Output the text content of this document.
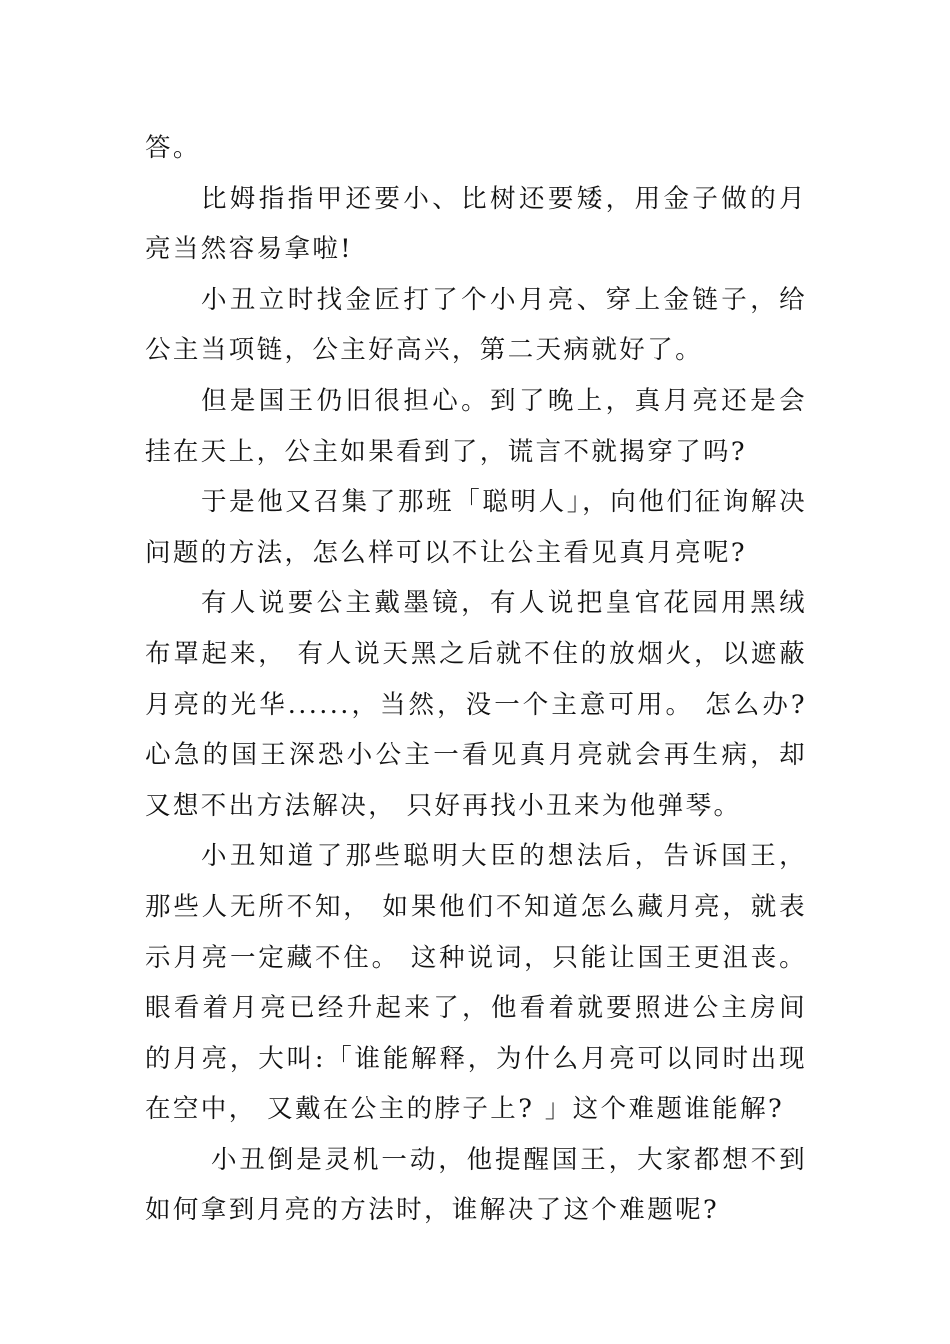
答。

比姆指指甲还要小、比树还要矮，用金子做的月亮当然容易拿啦!

小丑立时找金匠打了个小月亮、穿上金链子，给公主当项链，公主好高兴，第二天病就好了。

但是国王仍旧很担心。到了晚上，真月亮还是会挂在天上，公主如果看到了，谎言不就揭穿了吗?

于是他又召集了那班「聪明人」，向他们征询解决问题的方法，怎么样可以不让公主看见真月亮呢?

有人说要公主戴墨镜，有人说把皇官花园用黑绒布罩起来， 有人说天黑之后就不住的放烟火，以遮蔽月亮的光华......，当然，没一个主意可用。 怎么办?心急的国王深恐小公主一看见真月亮就会再生病，却又想不出方法解决， 只好再找小丑来为他弹琴。

小丑知道了那些聪明大臣的想法后，告诉国王，那些人无所不知， 如果他们不知道怎么藏月亮，就表示月亮一定藏不住。 这种说词，只能让国王更沮丧。眼看着月亮已经升起来了，他看着就要照进公主房间的月亮，大叫:「谁能解释，为什么月亮可以同时出现在空中， 又戴在公主的脖子上? 」这个难题谁能解?

小丑倒是灵机一动，他提醒国王，大家都想不到如何拿到月亮的方法时，谁解决了这个难题呢?
